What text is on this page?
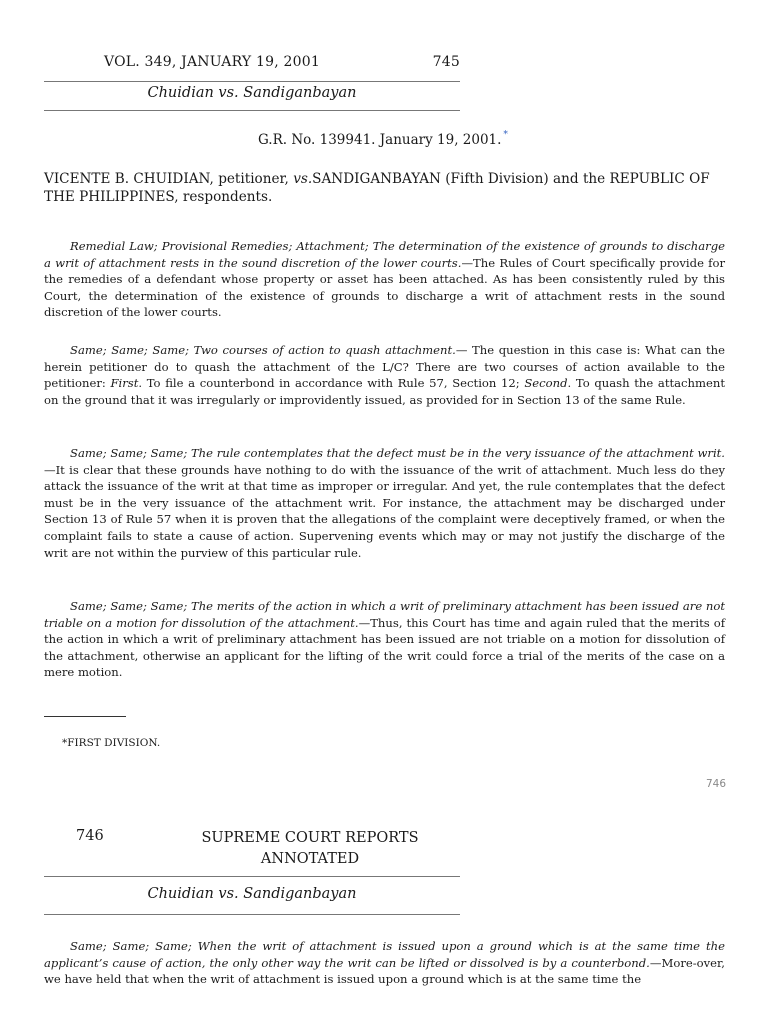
VOL. 349, JANUARY 19, 2001	745
Chuidian vs. Sandiganbayan
G.R. No. 139941. January 19, 2001. *
VICENTE B. CHUIDIAN, petitioner, vs.SANDIGANBAYAN (Fifth Division) and the REPUBLIC OF THE PHILIPPINES, respondents.

Remedial Law; Provisional Remedies; Attachment; The determination of the existence of grounds to discharge a writ of attachment rests in the sound discretion of the lower courts.—The Rules of Court specifically provide for the remedies of a defendant whose property or asset has been attached. As has been consistently ruled by this Court, the determination of the existence of grounds to discharge a writ of attachment rests in the sound discretion of the lower courts.

Same; Same; Same; Two courses of action to quash attachment.— The question in this case is: What can the herein petitioner do to quash the attachment of the L/C? There are two courses of action available to the petitioner: First. To file a counterbond in accordance with Rule 57, Section 12; Second. To quash the attachment on the ground that it was irregularly or improvidently issued, as provided for in Section 13 of the same Rule.

Same; Same; Same; The rule contemplates that the defect must be in the very issuance of the attachment writ.—It is clear that these grounds have nothing to do with the issuance of the writ of attachment. Much less do they attack the issuance of the writ at that time as improper or irregular. And yet, the rule contemplates that the defect must be in the very issuance of the attachment writ. For instance, the attachment may be discharged under Section 13 of Rule 57 when it is proven that the allegations of the complaint were deceptively framed, or when the complaint fails to state a cause of action. Supervening events which may or may not justify the discharge of the writ are not within the purview of this particular rule.

Same; Same; Same; The merits of the action in which a writ of preliminary attachment has been issued are not triable on a motion for dissolution of the attachment.—Thus, this Court has time and again ruled that the merits of the action in which a writ of preliminary attachment has been issued are not triable on a motion for dissolution of the attachment, otherwise an applicant for the lifting of the writ could force a trial of the merits of the case on a mere motion.

*FIRST DIVISION.
746
746	SUPREME COURT REPORTS ANNOTATED
Chuidian vs. Sandiganbayan

Same; Same; Same; When the writ of attachment is issued upon a ground which is at the same time the applicant’s cause of action, the only other way the writ can be lifted or dissolved is by a counterbond.—More-over, we have held that when the writ of attachment is issued upon a ground which is at the same time the
